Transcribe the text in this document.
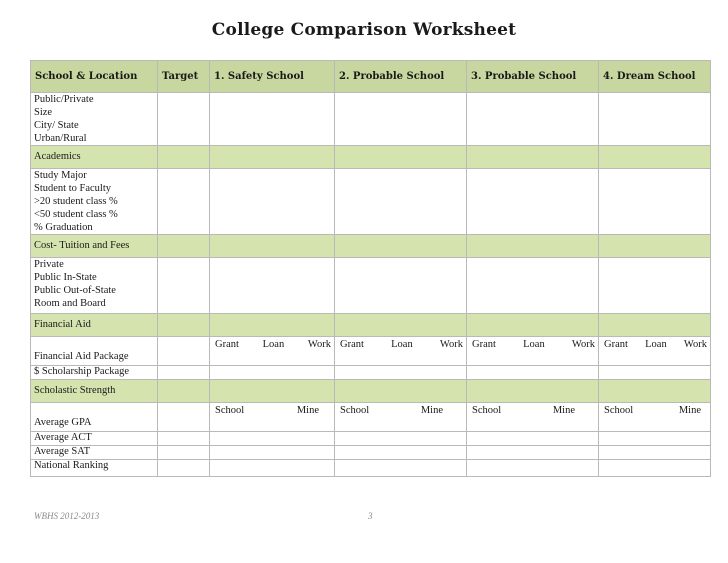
College Comparison Worksheet
School & Location	Target	1. Safety School	2. Probable School	3. Probable School	4. Dream School

Public/Private
Size
City/ State
Urban/Rural					

Academics					

Study Major
Student to Faculty
>20 student class %
<50 student class %
% Graduation					

Cost- Tuition and Fees					

Private
Public In-State
Public Out-of-State
Room and Board					

Financial Aid					

Financial Aid Package		Grant Loan Work	Grant Loan Work	Grant Loan Work	Grant Loan Work

$ Scholarship Package					
Scholastic Strength					

Average GPA		School Mine	School Mine	School Mine	School Mine

Average ACT					
Average SAT					
National Ranking					
WBHS 2012-2013	3
